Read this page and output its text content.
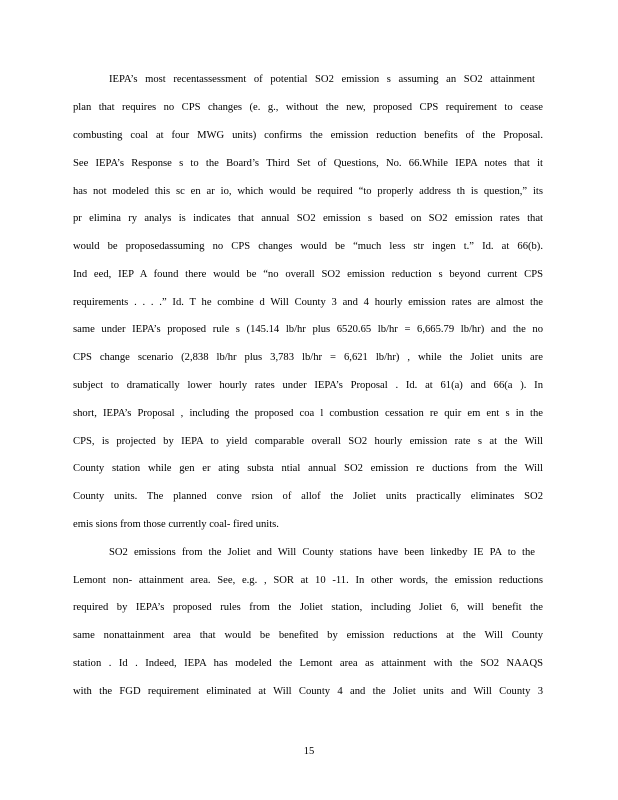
IEPA’s most recentassessment of potential SO2 emission s assuming an SO2 attainment
plan that requires no CPS changes (e. g., without the new, proposed CPS requirement to cease
combusting coal at four MWG units) confirms the emission reduction benefits of the Proposal.
See IEPA’s Response s to the Board’s Third Set of Questions, No. 66.While IEPA notes that it
has not modeled this sc en ar io, which would be required “to properly address th is question,” its
pr elimina ry analys is indicates that annual SO2 emission s based on SO2 emission rates that
would be proposedassuming no CPS changes would be “much less str ingen t.” Id. at 66(b).
Ind eed, IEP A found there would be “no overall SO2 emission reduction s beyond current CPS
requirements . . . .” Id. T he combine d Will County 3 and 4 hourly emission rates are almost the
same under IEPA’s proposed rule s (145.14 lb/hr plus 6520.65 lb/hr = 6,665.79 lb/hr) and the no
CPS change scenario (2,838 lb/hr plus 3,783 lb/hr = 6,621 lb/hr) , while the Joliet units are
subject to dramatically lower hourly rates under IEPA’s Proposal . Id. at 61(a) and 66(a ). In
short, IEPA’s Proposal , including the proposed coa l combustion cessation re quir em ent s in the
CPS, is projected by IEPA to yield comparable overall SO2 hourly emission rate s at the Will
County station while gen er ating substa ntial annual SO2 emission re ductions from the Will
County units. The planned conve rsion of allof the Joliet units practically eliminates SO2
emis sions from those currently coal- fired units.
SO2 emissions from the Joliet and Will County stations have been linkedby IE PA to the
Lemont non- attainment area. See, e.g. , SOR at 10 -11. In other words, the emission reductions
required by IEPA’s proposed rules from the Joliet station, including Joliet 6, will benefit the
same nonattainment area that would be benefited by emission reductions at the Will County
station . Id . Indeed, IEPA has modeled the Lemont area as attainment with the SO2 NAAQS
with the FGD requirement eliminated at Will County 4 and the Joliet units and Will County 3
15
